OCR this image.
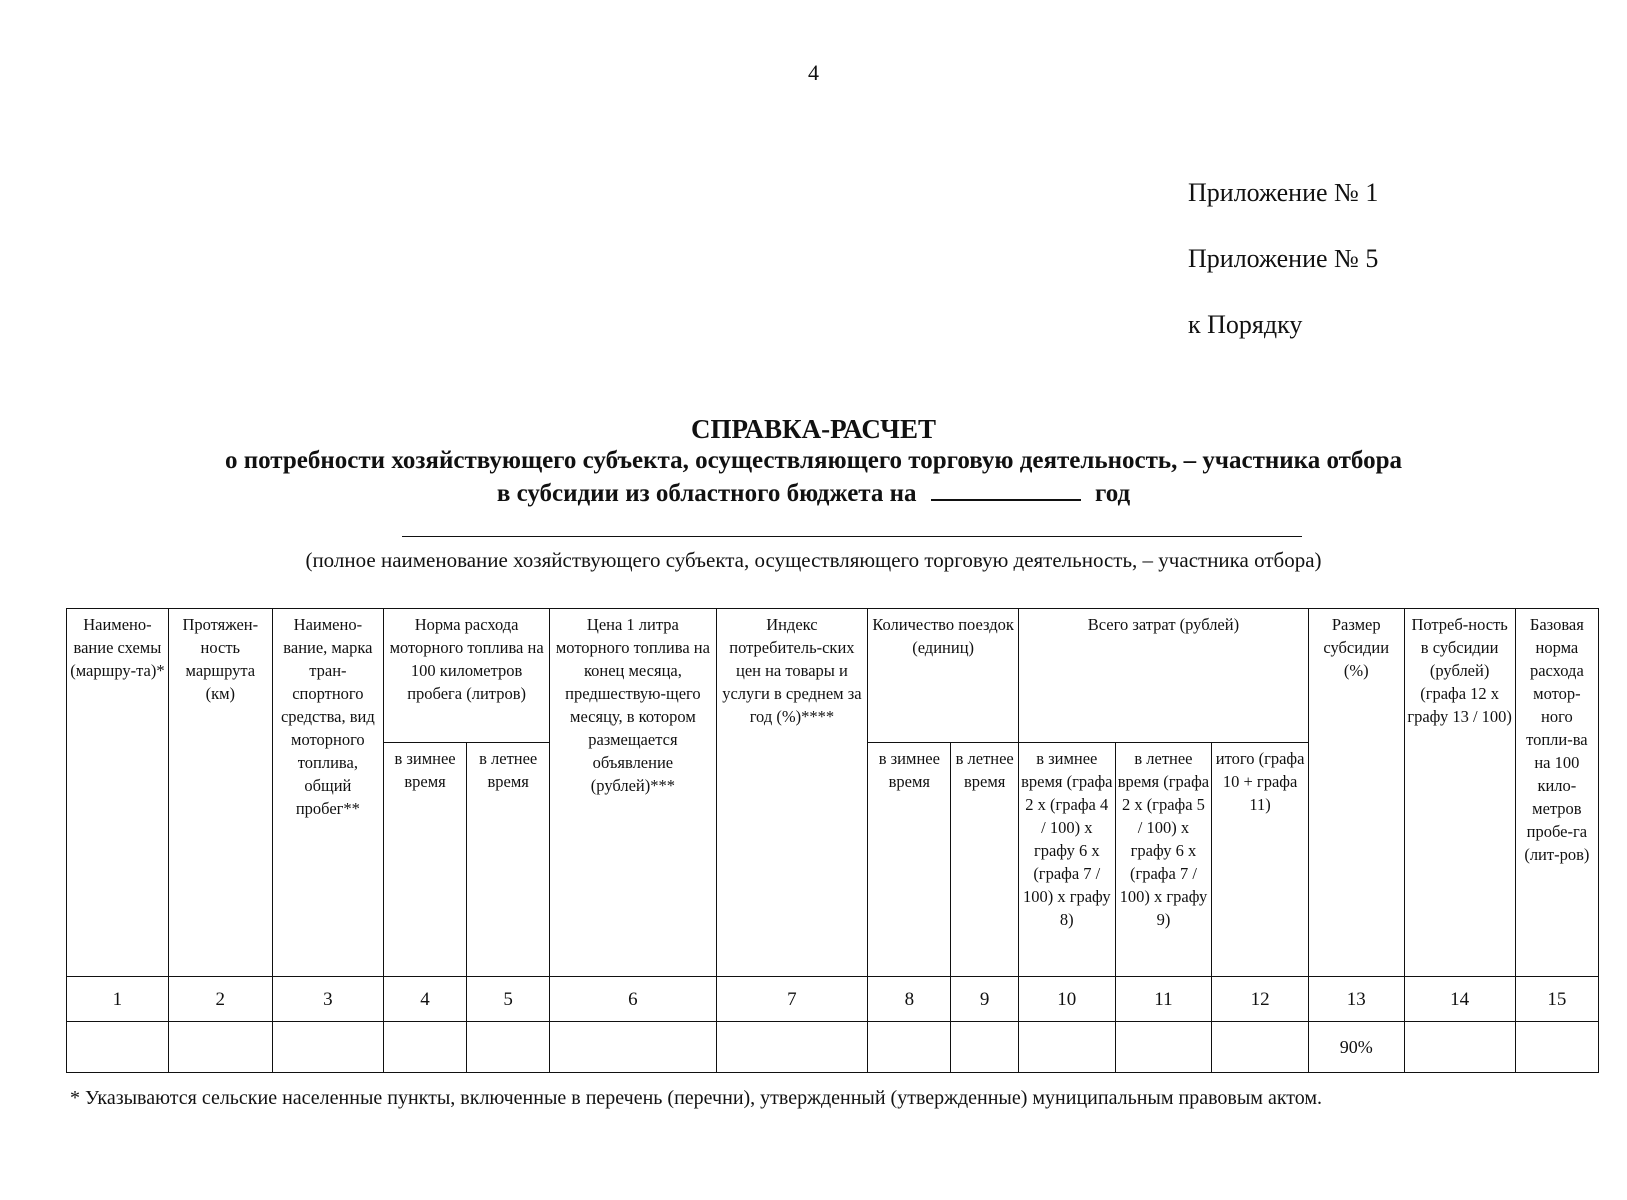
4
Приложение № 1
Приложение № 5
к Порядку
СПРАВКА-РАСЧЕТ
о потребности хозяйствующего субъекта, осуществляющего торговую деятельность, – участника отбора
в субсидии из областного бюджета на	год
(полное наименование хозяйствующего субъекта, осуществляющего торговую деятельность, – участника отбора)
Наимено-вание схемы (маршру-та)*	Протяжен-ность маршрута (км)	Наимено-вание, марка тран-спортного средства, вид моторного топлива, общий пробег**	Норма расхода моторного топлива на 100 километров пробега (литров)		Цена 1 литра моторного топлива на конец месяца, предшествую-щего месяцу, в котором размещается объявление (рублей)***	Индекс потребитель-ских цен на товары и услуги в среднем за год (%)****	Количество поездок (единиц)		Всего затрат (рублей)			Размер субсидии (%)	Потреб-ность в субсидии (рублей) (графа 12 х графу 13 / 100)	Базовая норма расхода мотор-ного топли-ва на 100 кило-метров пробе-га (лит-ров)
			в зимнее время	в летнее время			в зимнее время	в летнее время	в зимнее время (графа 2 х (графа 4 / 100) х графу 6 х (графа 7 / 100) х графу 8)	в летнее время (графа 2 х (графа 5 / 100) х графу 6 х (графа 7 / 100) х графу 9)	итого (графа 10 + графа 11)			
1	2	3	4	5	6	7	8	9	10	11	12	13	14	15
												90%		
* Указываются сельские населенные пункты, включенные в перечень (перечни), утвержденный (утвержденные) муниципальным правовым актом.
